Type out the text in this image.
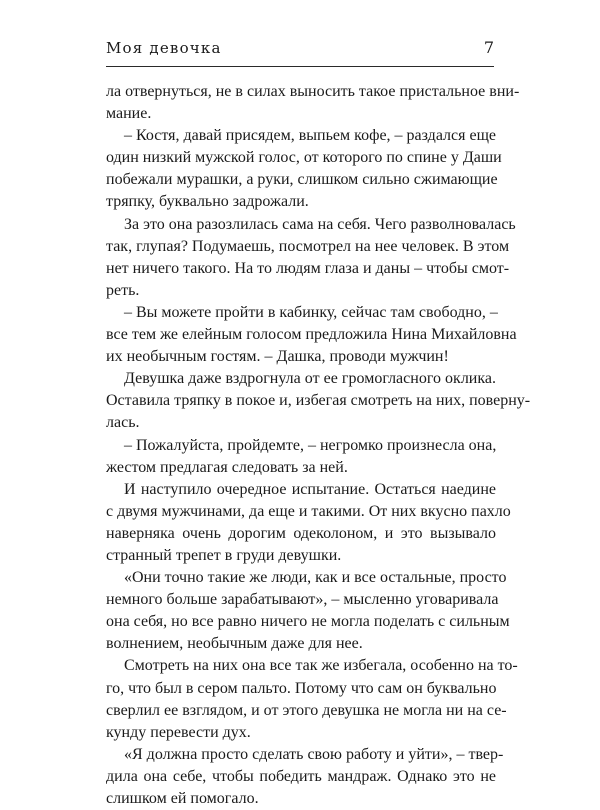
Моя девочка	7
ла отвернуться, не в силах выносить такое пристальное вни-
мание.
– Костя, давай присядем, выпьем кофе, – раздался еще
один низкий мужской голос, от которого по спине у Даши
побежали мурашки, а руки, слишком сильно сжимающие
тряпку, буквально задрожали.
За это она разозлилась сама на себя. Чего разволновалась
так, глупая? Подумаешь, посмотрел на нее человек. В этом
нет ничего такого. На то людям глаза и даны – чтобы смот-
реть.
– Вы можете пройти в кабинку, сейчас там свободно, –
все тем же елейным голосом предложила Нина Михайловна
их необычным гостям. – Дашка, проводи мужчин!
Девушка даже вздрогнула от ее громогласного оклика.
Оставила тряпку в покое и, избегая смотреть на них, поверну-
лась.
– Пожалуйста, пройдемте, – негромко произнесла она,
жестом предлагая следовать за ней.
И наступило очередное испытание. Остаться наедине
с двумя мужчинами, да еще и такими. От них вкусно пахло
наверняка очень дорогим одеколоном, и это вызывало
странный трепет в груди девушки.
«Они точно такие же люди, как и все остальные, просто
немного больше зарабатывают», – мысленно уговаривала
она себя, но все равно ничего не могла поделать с сильным
волнением, необычным даже для нее.
Смотреть на них она все так же избегала, особенно на то-
го, что был в сером пальто. Потому что сам он буквально
сверлил ее взглядом, и от этого девушка не могла ни на се-
кунду перевести дух.
«Я должна просто сделать свою работу и уйти», – твер-
дила она себе, чтобы победить мандраж. Однако это не
слишком ей помогало.
